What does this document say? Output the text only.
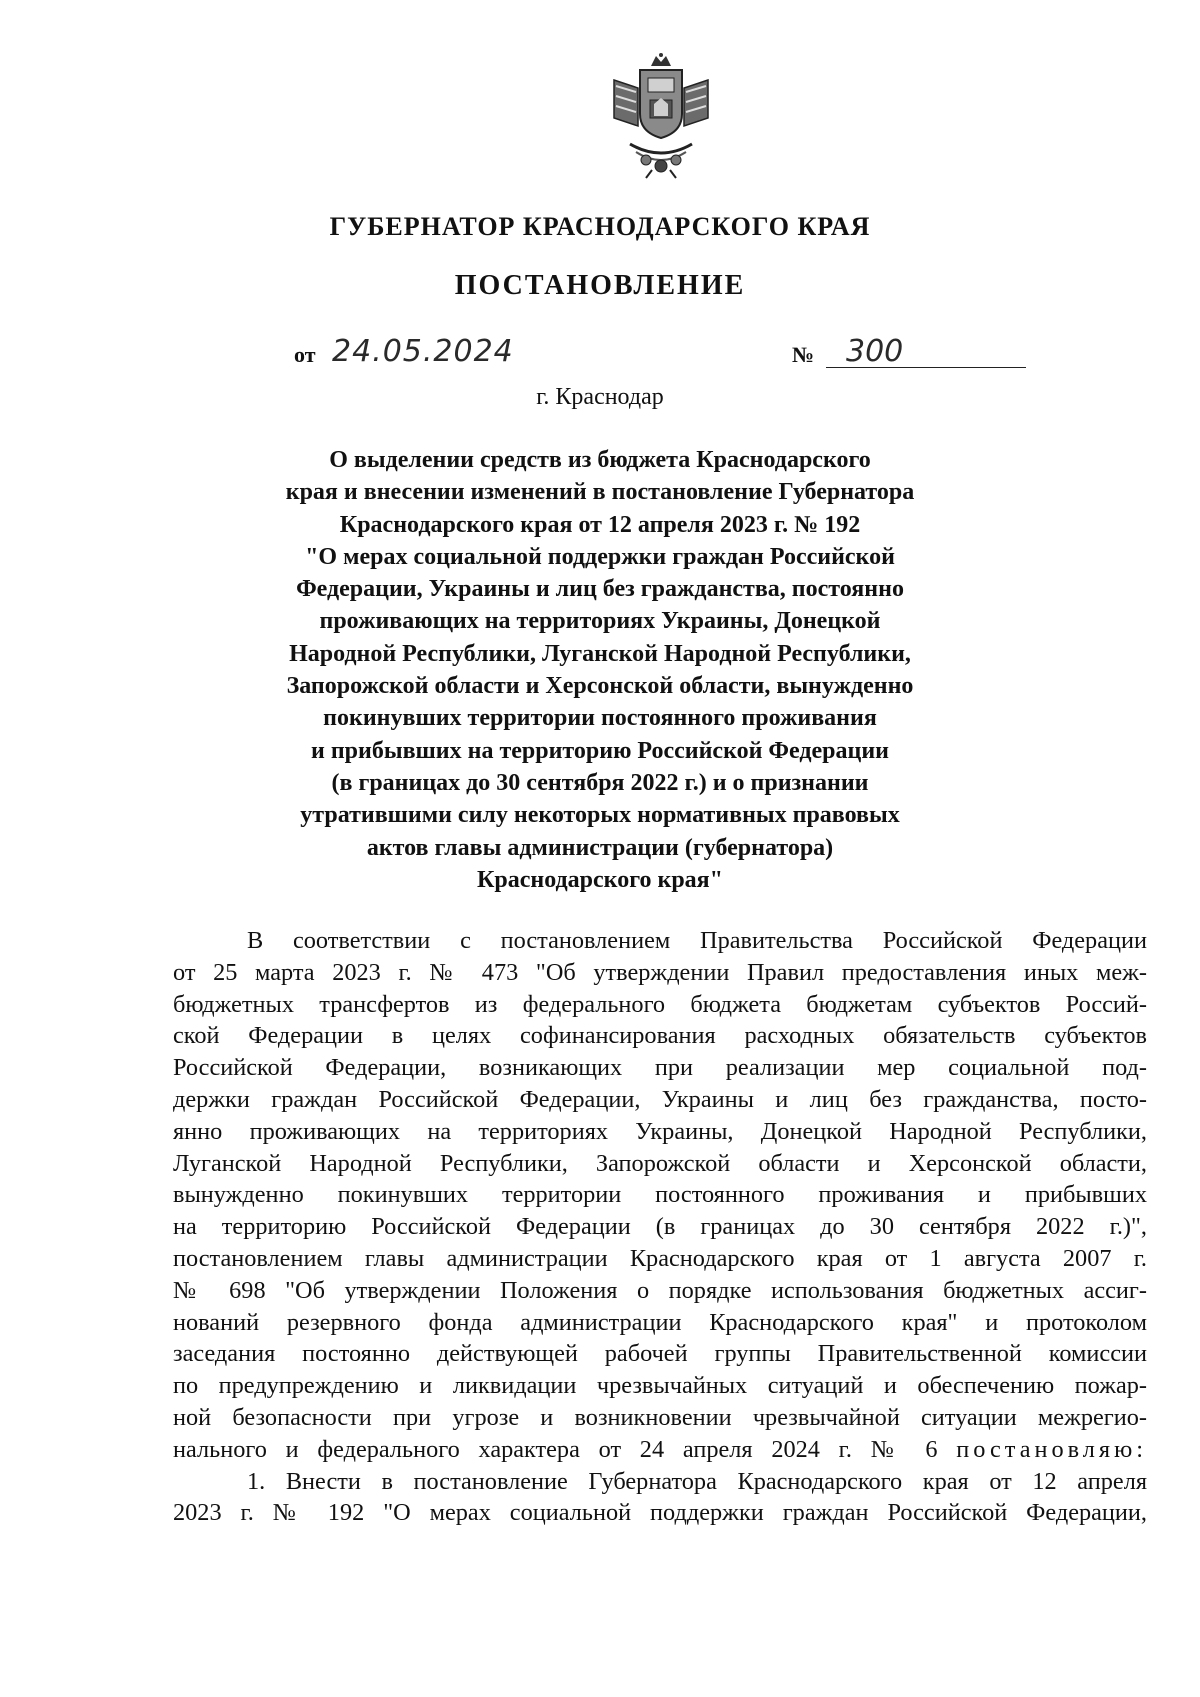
ГУБЕРНАТОР КРАСНОДАРСКОГО КРАЯ
ПОСТАНОВЛЕНИЕ
от 24.05.2024	№	300
г. Краснодар
О выделении средств из бюджета Краснодарского
края и внесении изменений в постановление Губернатора
Краснодарского края от 12 апреля 2023 г. № 192
"О мерах социальной поддержки граждан Российской
Федерации, Украины и лиц без гражданства, постоянно
проживающих на территориях Украины, Донецкой
Народной Республики, Луганской Народной Республики,
Запорожской области и Херсонской области, вынужденно
покинувших территории постоянного проживания
и прибывших на территорию Российской Федерации
(в границах до 30 сентября 2022 г.) и о признании
утратившими силу некоторых нормативных правовых
актов главы администрации (губернатора)
Краснодарского края"
В соответствии с постановлением Правительства Российской Федерации
от 25 марта 2023 г. № 473 "Об утверждении Правил предоставления иных меж-
бюджетных трансфертов из федерального бюджета бюджетам субъектов Россий-
ской Федерации в целях софинансирования расходных обязательств субъектов
Российской Федерации, возникающих при реализации мер социальной под-
держки граждан Российской Федерации, Украины и лиц без гражданства, посто-
янно проживающих на территориях Украины, Донецкой Народной Республики,
Луганской Народной Республики, Запорожской области и Херсонской области,
вынужденно покинувших территории постоянного проживания и прибывших
на территорию Российской Федерации (в границах до 30 сентября 2022 г.)",
постановлением главы администрации Краснодарского края от 1 августа 2007 г.
№ 698 "Об утверждении Положения о порядке использования бюджетных ассиг-
нований резервного фонда администрации Краснодарского края" и протоколом
заседания постоянно действующей рабочей группы Правительственной комиссии
по предупреждению и ликвидации чрезвычайных ситуаций и обеспечению пожар-
ной безопасности при угрозе и возникновении чрезвычайной ситуации межрегио-
нального и федерального характера от 24 апреля 2024 г. № 6 постановляю:
1. Внести в постановление Губернатора Краснодарского края от 12 апреля
2023 г. № 192 "О мерах социальной поддержки граждан Российской Федерации,
